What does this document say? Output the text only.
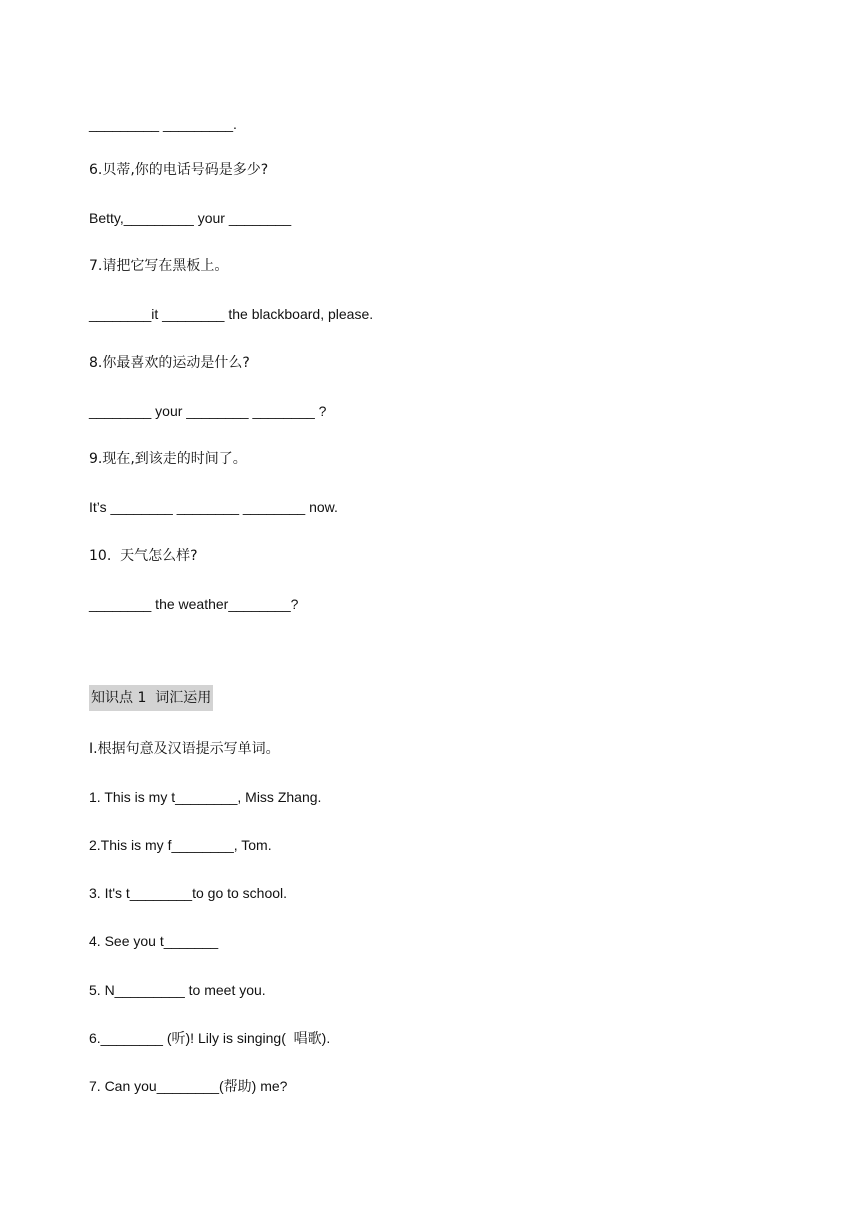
_________ _________.
6.贝蒂,你的电话号码是多少?
Betty,_________ your ________
7.请把它写在黑板上。
________it ________ the blackboard, please.
8.你最喜欢的运动是什么?
________ your ________ ________ ?
9.现在,到该走的时间了。
It’s ________ ________ ________ now.
10.  天气怎么样?
________ the weather________?
知识点 1  词汇运用
I.根据句意及汉语提示写单词。
1. This is my t________, Miss Zhang.
2.This is my f________, Tom.
3. It's t________to go to school.
4. See you t_______
5. N_________ to meet you.
6.________ (听)! Lily is singing(  唱歌).
7. Can you________(帮助) me?
